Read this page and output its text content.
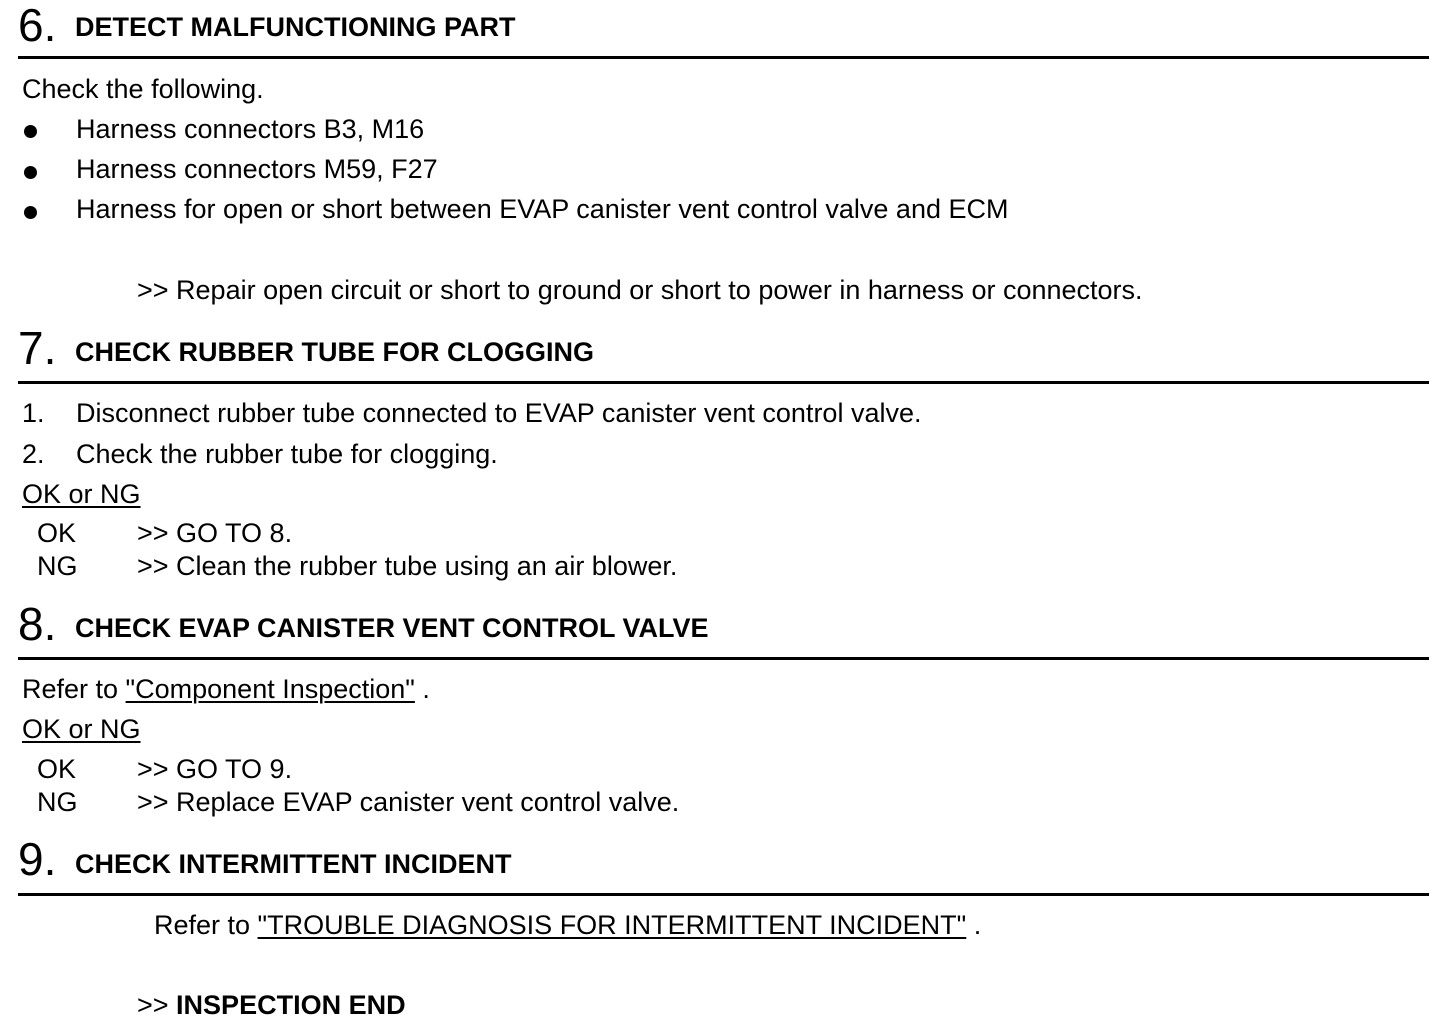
6. DETECT MALFUNCTIONING PART
Check the following.
Harness connectors B3, M16
Harness connectors M59, F27
Harness for open or short between EVAP canister vent control valve and ECM
>> Repair open circuit or short to ground or short to power in harness or connectors.
7. CHECK RUBBER TUBE FOR CLOGGING
1. Disconnect rubber tube connected to EVAP canister vent control valve.
2. Check the rubber tube for clogging.
OK or NG
OK >> GO TO 8.
NG >> Clean the rubber tube using an air blower.
8. CHECK EVAP CANISTER VENT CONTROL VALVE
Refer to "Component Inspection" .
OK or NG
OK >> GO TO 9.
NG >> Replace EVAP canister vent control valve.
9. CHECK INTERMITTENT INCIDENT
Refer to "TROUBLE DIAGNOSIS FOR INTERMITTENT INCIDENT" .
>> INSPECTION END
